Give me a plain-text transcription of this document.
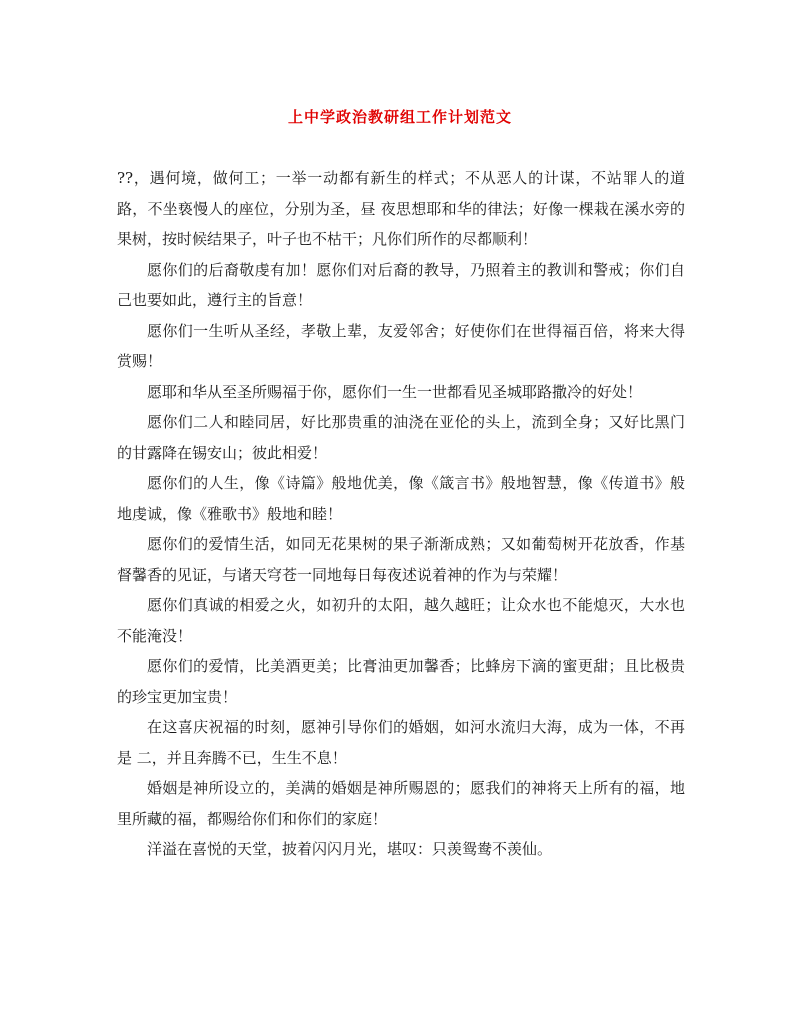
上中学政治教研组工作计划范文

??，遇何境，做何工；一举一动都有新生的样式；不从恶人的计谋，不站罪人的道路，不坐亵慢人的座位，分别为圣，昼 夜思想耶和华的律法；好像一棵栽在溪水旁的果树，按时候结果子，叶子也不枯干；凡你们所作的尽都顺利！

愿你们的后裔敬虔有加！愿你们对后裔的教导，乃照着主的教训和警戒；你们自己也要如此，遵行主的旨意！

愿你们一生听从圣经，孝敬上辈，友爱邻舍；好使你们在世得福百倍，将来大得赏赐！

愿耶和华从至圣所赐福于你，愿你们一生一世都看见圣城耶路撒冷的好处！

愿你们二人和睦同居，好比那贵重的油浇在亚伦的头上，流到全身；又好比黑门的甘露降在锡安山；彼此相爱！

愿你们的人生，像《诗篇》般地优美，像《箴言书》般地智慧，像《传道书》般地虔诚，像《雅歌书》般地和睦！

愿你们的爱情生活，如同无花果树的果子渐渐成熟；又如葡萄树开花放香，作基督馨香的见证，与诸天穹苍一同地每日每夜述说着神的作为与荣耀！

愿你们真诚的相爱之火，如初升的太阳，越久越旺；让众水也不能熄灭，大水也不能淹没！

愿你们的爱情，比美酒更美；比膏油更加馨香；比蜂房下滴的蜜更甜；且比极贵的珍宝更加宝贵！

在这喜庆祝福的时刻，愿神引导你们的婚姻，如河水流归大海，成为一体，不再是 二，并且奔腾不已，生生不息！

婚姻是神所设立的，美满的婚姻是神所赐恩的；愿我们的神将天上所有的福，地里所藏的福，都赐给你们和你们的家庭！

洋溢在喜悦的天堂，披着闪闪月光，堪叹：只羡鸳鸯不羡仙。
